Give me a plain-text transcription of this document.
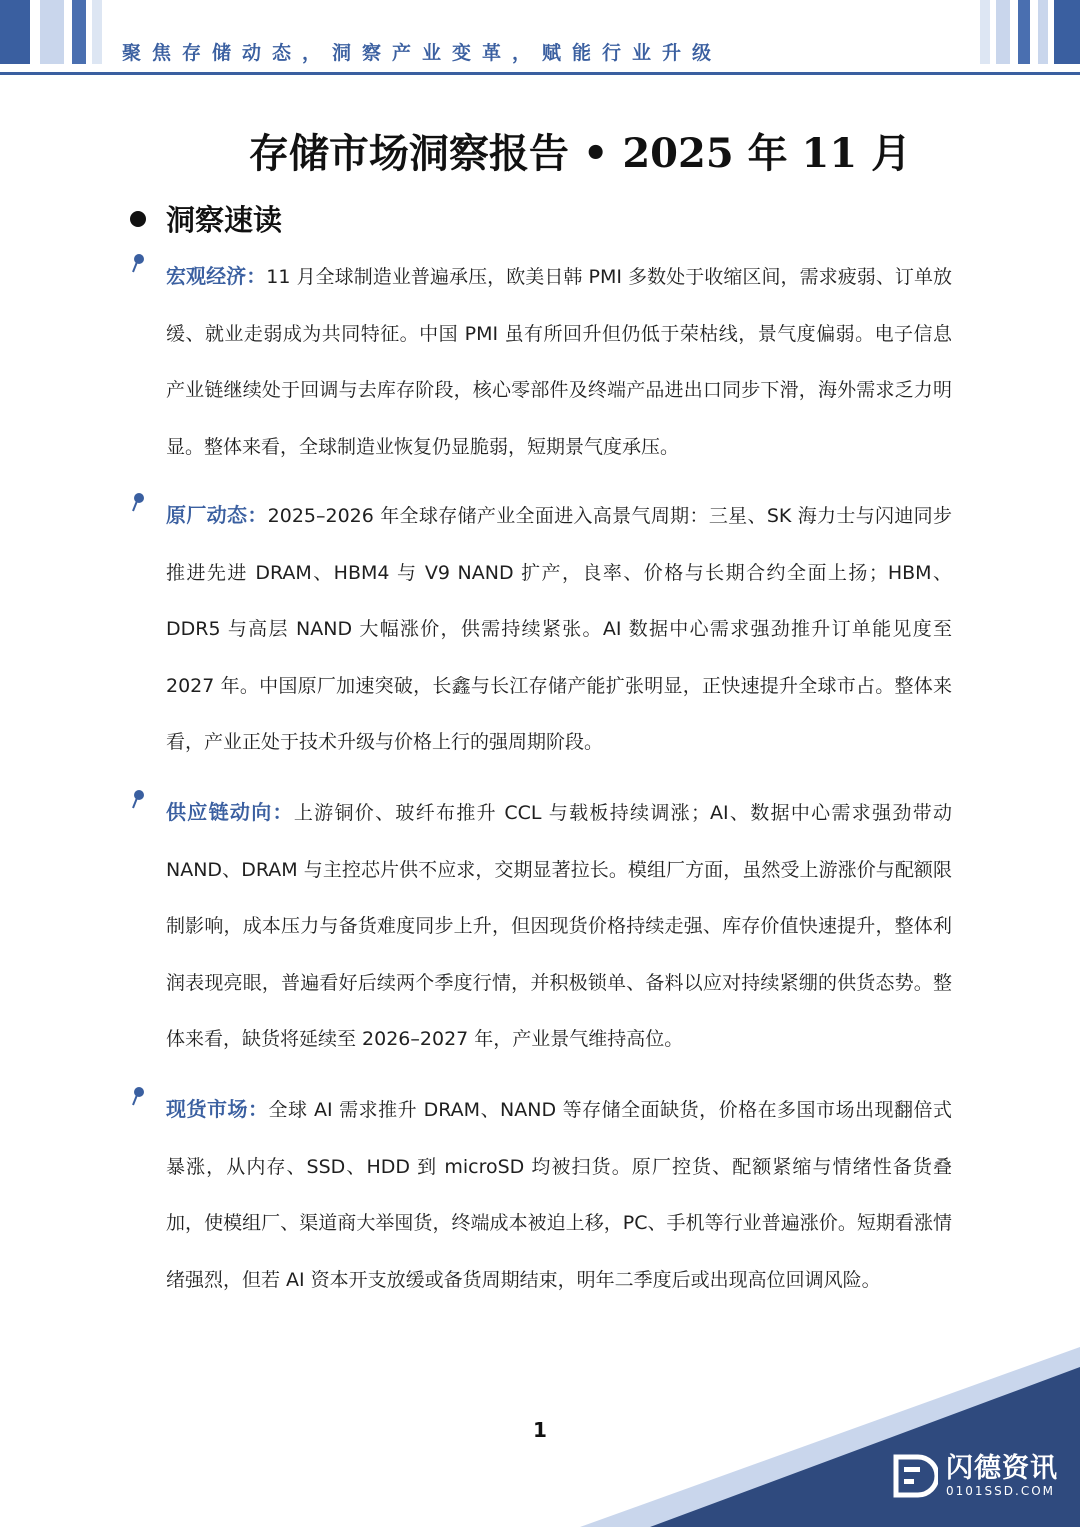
聚焦存储动态，洞察产业变革，赋能行业升级
存储市场洞察报告 • 2025 年 11 月
洞察速读
宏观经济：11 月全球制造业普遍承压，欧美日韩 PMI 多数处于收缩区间，需求疲弱、订单放缓、就业走弱成为共同特征。中国 PMI 虽有所回升但仍低于荣枯线，景气度偏弱。电子信息产业链继续处于回调与去库存阶段，核心零部件及终端产品进出口同步下滑，海外需求乏力明显。整体来看，全球制造业恢复仍显脆弱，短期景气度承压。
原厂动态：2025–2026 年全球存储产业全面进入高景气周期：三星、SK 海力士与闪迪同步推进先进 DRAM、HBM4 与 V9 NAND 扩产，良率、价格与长期合约全面上扬；HBM、DDR5 与高层 NAND 大幅涨价，供需持续紧张。AI 数据中心需求强劲推升订单能见度至 2027 年。中国原厂加速突破，长鑫与长江存储产能扩张明显，正快速提升全球市占。整体来看，产业正处于技术升级与价格上行的强周期阶段。
供应链动向：上游铜价、玻纤布推升 CCL 与载板持续调涨；AI、数据中心需求强劲带动 NAND、DRAM 与主控芯片供不应求，交期显著拉长。模组厂方面，虽然受上游涨价与配额限制影响，成本压力与备货难度同步上升，但因现货价格持续走强、库存价值快速提升，整体利润表现亮眼，普遍看好后续两个季度行情，并积极锁单、备料以应对持续紧绷的供货态势。整体来看，缺货将延续至 2026–2027 年，产业景气维持高位。
现货市场：全球 AI 需求推升 DRAM、NAND 等存储全面缺货，价格在多国市场出现翻倍式暴涨，从内存、SSD、HDD 到 microSD 均被扫货。原厂控货、配额紧缩与情绪性备货叠加，使模组厂、渠道商大举囤货，终端成本被迫上移，PC、手机等行业普遍涨价。短期看涨情绪强烈，但若 AI 资本开支放缓或备货周期结束，明年二季度后或出现高位回调风险。
1
闪德资讯
0101SSD.COM
